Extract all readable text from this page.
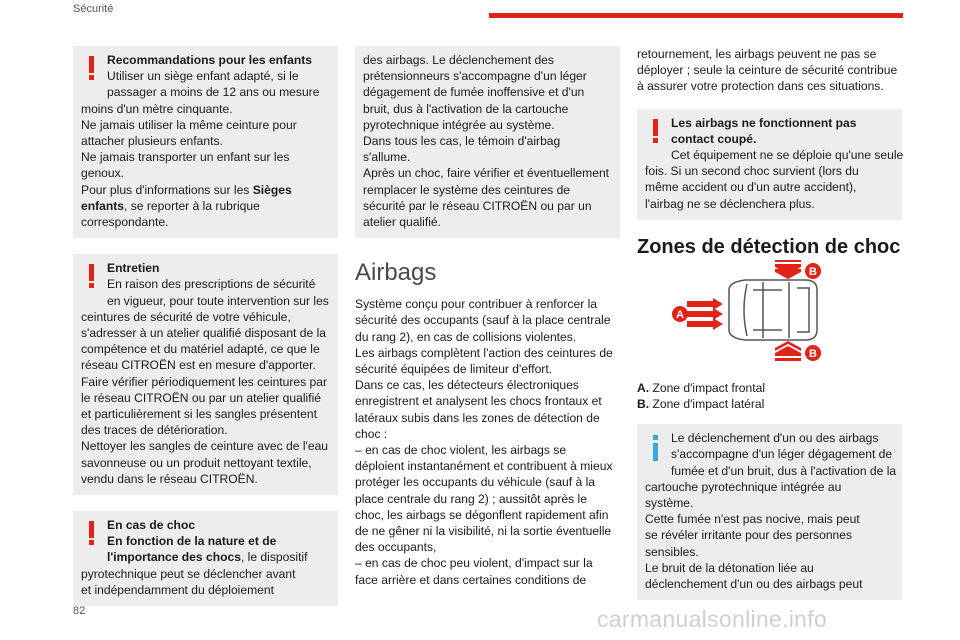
Sécurité
Recommandations pour les enfants
Utiliser un siège enfant adapté, si le
passager a moins de 12 ans ou mesure
moins d'un mètre cinquante.
Ne jamais utiliser la même ceinture pour
attacher plusieurs enfants.
Ne jamais transporter un enfant sur les
genoux.
Pour plus d'informations sur les Sièges
enfants, se reporter à la rubrique
correspondante.
Entretien
En raison des prescriptions de sécurité
en vigueur, pour toute intervention sur les
ceintures de sécurité de votre véhicule,
s'adresser à un atelier qualifié disposant de la
compétence et du matériel adapté, ce que le
réseau CITROËN est en mesure d'apporter.
Faire vérifier périodiquement les ceintures par
le réseau CITROËN ou par un atelier qualifié
et particulièrement si les sangles présentent
des traces de détérioration.
Nettoyer les sangles de ceinture avec de l'eau
savonneuse ou un produit nettoyant textile,
vendu dans le réseau CITROËN.
En cas de choc
En fonction de la nature et de
l'importance des chocs, le dispositif
pyrotechnique peut se déclencher avant
et indépendamment du déploiement
des airbags. Le déclenchement des
prétensionneurs s'accompagne d'un léger
dégagement de fumée inoffensive et d'un
bruit, dus à l'activation de la cartouche
pyrotechnique intégrée au système.
Dans tous les cas, le témoin d'airbag
s'allume.
Après un choc, faire vérifier et éventuellement
remplacer le système des ceintures de
sécurité par le réseau CITROËN ou par un
atelier qualifié.
Airbags
Système conçu pour contribuer à renforcer la
sécurité des occupants (sauf à la place centrale
du rang 2), en cas de collisions violentes.
Les airbags complètent l'action des ceintures de
sécurité équipées de limiteur d'effort.
Dans ce cas, les détecteurs électroniques
enregistrent et analysent les chocs frontaux et
latéraux subis dans les zones de détection de
choc :
– en cas de choc violent, les airbags se
déploient instantanément et contribuent à mieux
protéger les occupants du véhicule (sauf à la
place centrale du rang 2) ; aussitôt après le
choc, les airbags se dégonflent rapidement afin
de ne gêner ni la visibilité, ni la sortie éventuelle
des occupants,
– en cas de choc peu violent, d'impact sur la
face arrière et dans certaines conditions de
retournement, les airbags peuvent ne pas se
déployer ; seule la ceinture de sécurité contribue
à assurer votre protection dans ces situations.
Les airbags ne fonctionnent pas
contact coupé.
Cet équipement ne se déploie qu'une seule
fois. Si un second choc survient (lors du
même accident ou d'un autre accident),
l'airbag ne se déclenchera plus.
Zones de détection de choc
A
B
B
A. Zone d'impact frontal
B. Zone d'impact latéral
Le déclenchement d'un ou des airbags
s'accompagne d'un léger dégagement de
fumée et d'un bruit, dus à l'activation de la
cartouche pyrotechnique intégrée au
système.
Cette fumée n'est pas nocive, mais peut
se révéler irritante pour des personnes
sensibles.
Le bruit de la détonation liée au
déclenchement d'un ou des airbags peut
82	carmanualsonline.info
